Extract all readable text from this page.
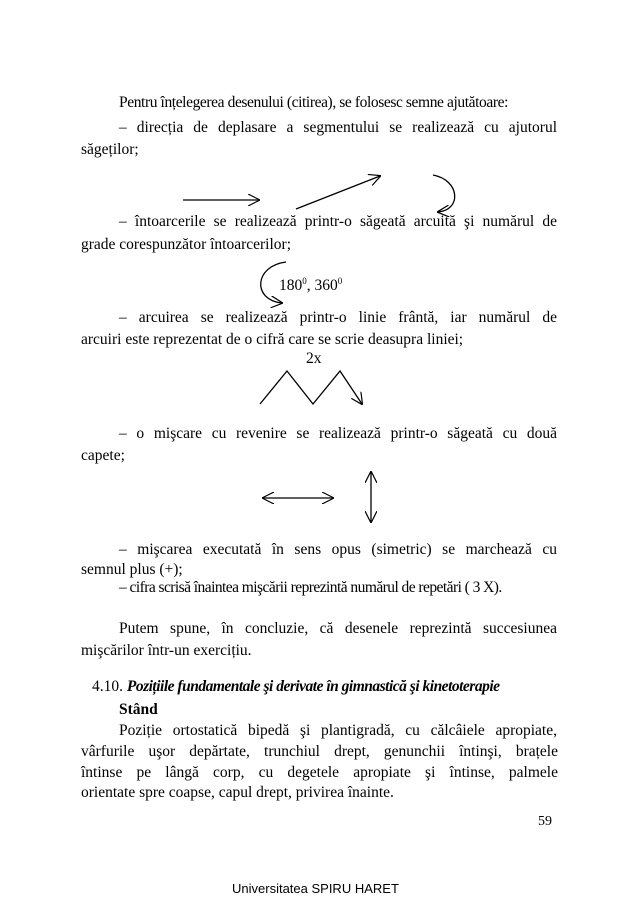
Pentru înțelegerea desenului (citirea), se folosesc semne ajutătoare:
– direcția de deplasare a segmentului se realizează cu ajutorul
săgeților;
– întoarcerile se realizează printr-o săgeată arcuită şi numărul de
grade corespunzător întoarcerilor;
$180^0$, $360^0$
– arcuirea se realizează printr-o linie frântă, iar numărul de
arcuiri este reprezentat de o cifră care se scrie deasupra liniei;
2x
– o mişcare cu revenire se realizează printr-o săgeată cu două
capete;
– mişcarea executată în sens opus (simetric) se marchează cu
semnul plus (+);
– cifra scrisă înaintea mişcării reprezintă numărul de repetări ( 3 X).
Putem spune, în concluzie, că desenele reprezintă succesiunea
mişcărilor într-un exercițiu.
4.10. Pozițiile fundamentale şi derivate în gimnastică şi kinetoterapie
Stând
Poziție ortostatică bipedă şi plantigradă, cu călcâiele apropiate,
vârfurile uşor depărtate, trunchiul drept, genunchii întinşi, brațele
întinse pe lângă corp, cu degetele apropiate şi întinse, palmele
orientate spre coapse, capul drept, privirea înainte.
59
Universitatea SPIRU HARET
